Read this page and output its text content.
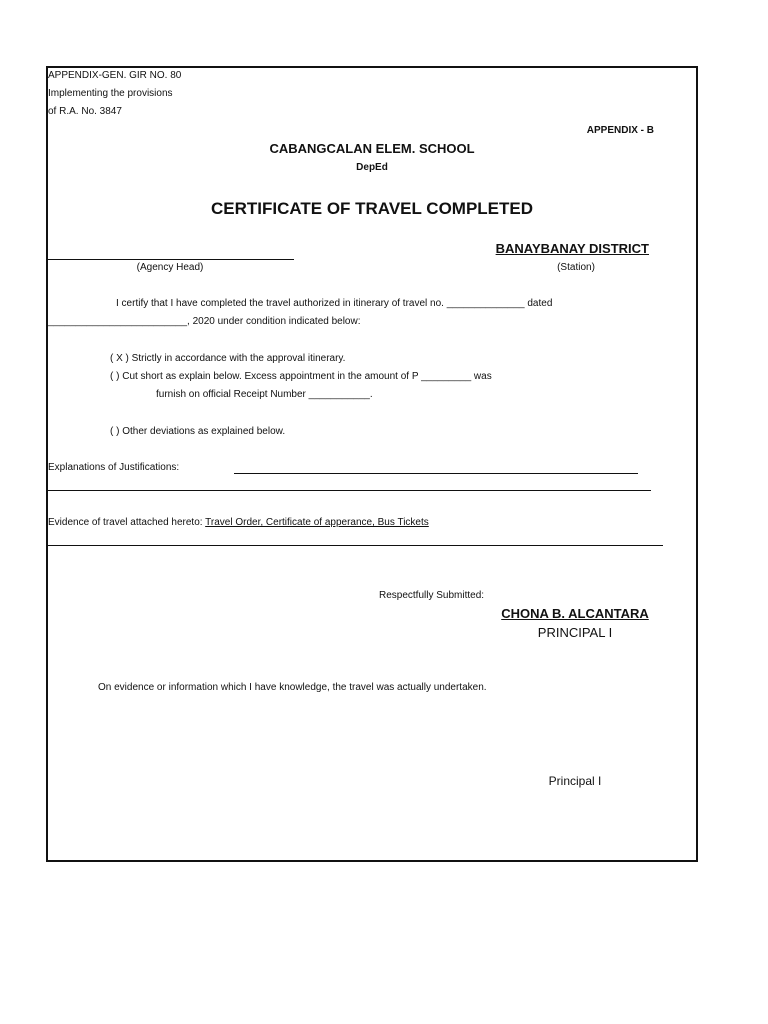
APPENDIX-GEN. GIR NO. 80
Implementing the provisions
of R.A. No. 3847
APPENDIX - B
CABANGCALAN ELEM. SCHOOL
DepEd
CERTIFICATE OF TRAVEL COMPLETED
BANAYBANAY DISTRICT
(Agency Head)	(Station)
I certify that I have completed the travel authorized in itinerary of travel no. ______________ dated
_________________________, 2020 under condition indicated below:
( X ) Strictly in accordance with the approval itinerary.
( ) Cut short as explain below. Excess appointment in the amount of P _________ was
furnish on official Receipt Number ___________.
( ) Other deviations as explained below.
Explanations of Justifications:
Evidence of travel attached hereto: Travel Order, Certificate of apperance, Bus Tickets
Respectfully Submitted:
CHONA B. ALCANTARA
PRINCIPAL I
On evidence or information which I have knowledge, the travel was actually undertaken.
Principal I
